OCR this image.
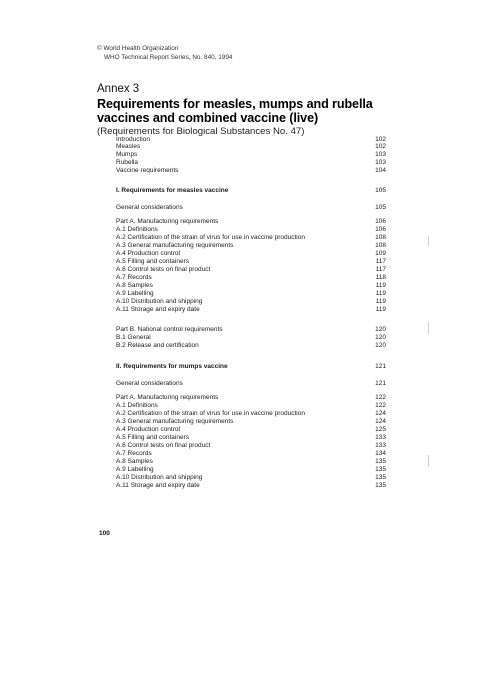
© World Health Organization
WHO Technical Report Series, No. 840, 1994
Annex 3
Requirements for measles, mumps and rubella
vaccines and combined vaccine (live)
(Requirements for Biological Substances No. 47)
Introduction	102
Measles	102
Mumps	103
Rubella	103
Vaccine requirements	104
I. Requirements for measles vaccine	105
General considerations	105
Part A. Manufacturing requirements	106
A.1 Definitions	106
A.2 Certification of the strain of virus for use in vaccine production	108
A.3 General manufacturing requirements	108
A.4 Production control	109
A.5 Filling and containers	117
A.6 Control tests on final product	117
A.7 Records	118
A.8 Samples	119
A.9 Labelling	119
A.10 Distribution and shipping	119
A.11 Storage and expiry date	119
Part B. National control requirements	120
B.1 General	120
B.2 Release and certification	120
II. Requirements for mumps vaccine	121
General considerations	121
Part A. Manufacturing requirements	122
A.1 Definitions	122
A.2 Certification of the strain of virus for use in vaccine production	124
A.3 General manufacturing requirements	124
A.4 Production control	125
A.5 Filling and containers	133
A.6 Control tests on final product	133
A.7 Records	134
A.8 Samples	135
A.9 Labelling	135
A.10 Distribution and shipping	135
A.11 Storage and expiry date	135
100
